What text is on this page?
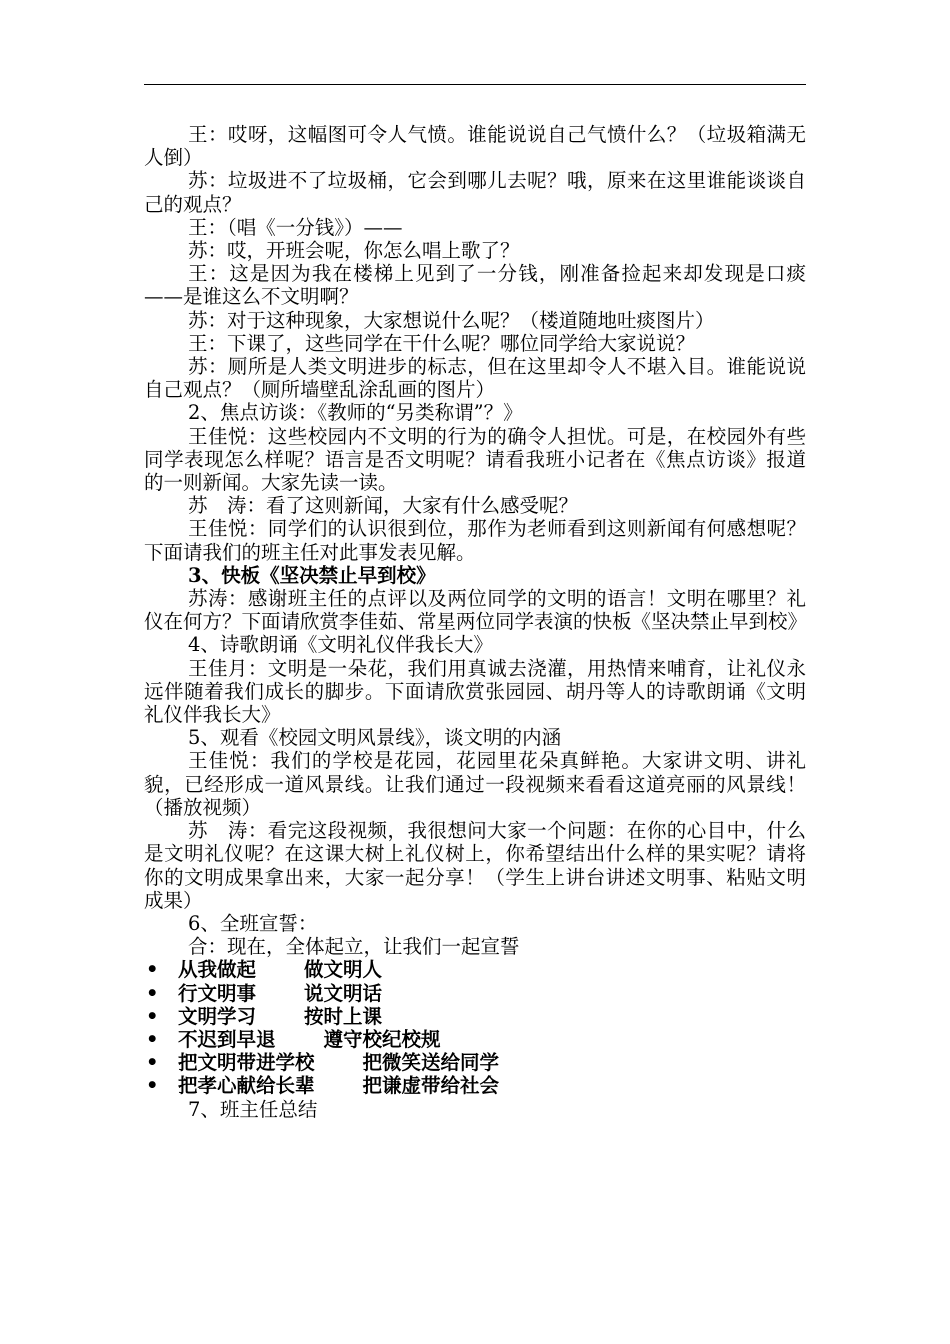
王：哎呀，这幅图可令人气愤。谁能说说自己气愤什么？（垃圾箱满无人倒）

苏：垃圾进不了垃圾桶，它会到哪儿去呢？哦，原来在这里谁能谈谈自己的观点？

王：（唱《一分钱》）——

苏：哎，开班会呢，你怎么唱上歌了？

王：这是因为我在楼梯上见到了一分钱，刚准备捡起来却发现是口痰——是谁这么不文明啊？

苏：对于这种现象，大家想说什么呢？（楼道随地吐痰图片）

王：下课了，这些同学在干什么呢？哪位同学给大家说说？

苏：厕所是人类文明进步的标志，但在这里却令人不堪入目。谁能说说自己观点？（厕所墙壁乱涂乱画的图片）

2、焦点访谈：《教师的“另类称谓”？》

王佳悦：这些校园内不文明的行为的确令人担忧。可是，在校园外有些同学表现怎么样呢？语言是否文明呢？请看我班小记者在《焦点访谈》报道的一则新闻。大家先读一读。

苏　涛：看了这则新闻，大家有什么感受呢？

王佳悦：同学们的认识很到位，那作为老师看到这则新闻有何感想呢？下面请我们的班主任对此事发表见解。

3、快板《坚决禁止早到校》

苏涛：感谢班主任的点评以及两位同学的文明的语言！文明在哪里？礼仪在何方？下面请欣赏李佳茹、常星两位同学表演的快板《坚决禁止早到校》

4、诗歌朗诵《文明礼仪伴我长大》

王佳月：文明是一朵花，我们用真诚去浇灌，用热情来哺育，让礼仪永远伴随着我们成长的脚步。下面请欣赏张园园、胡丹等人的诗歌朗诵《文明礼仪伴我长大》

5、观看《校园文明风景线》，谈文明的内涵

王佳悦：我们的学校是花园，花园里花朵真鲜艳。大家讲文明、讲礼貌，已经形成一道风景线。让我们通过一段视频来看看这道亮丽的风景线！（播放视频）

苏　涛：看完这段视频，我很想问大家一个问题：在你的心目中，什么是文明礼仪呢？在这课大树上礼仪树上，你希望结出什么样的果实呢？请将你的文明成果拿出来，大家一起分享！（学生上讲台讲述文明事、粘贴文明成果）

6、全班宣誓：

合：现在，全体起立，让我们一起宣誓

• 从我做起 做文明人
• 行文明事 说文明话
• 文明学习 按时上课
• 不迟到早退 遵守校纪校规
• 把文明带进学校 把微笑送给同学
• 把孝心献给长辈 把谦虚带给社会

7、班主任总结
